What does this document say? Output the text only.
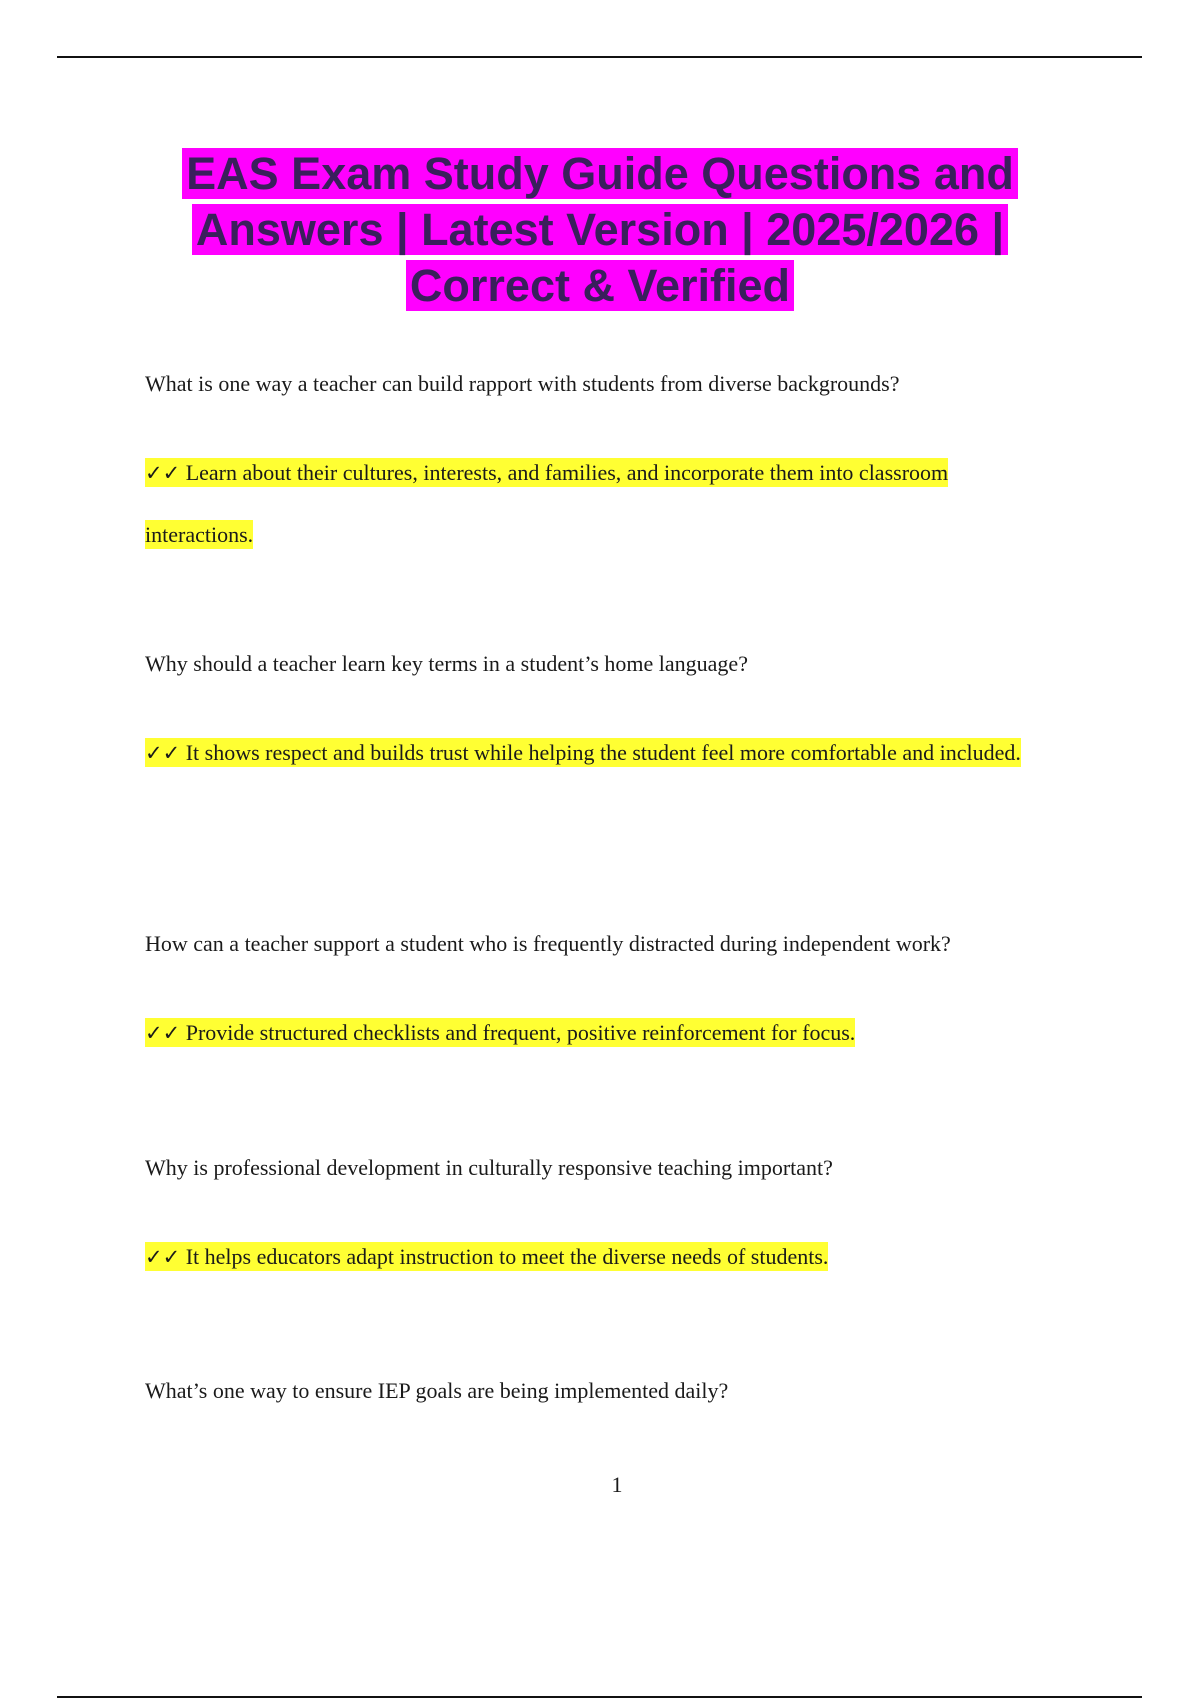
EAS Exam Study Guide Questions and Answers | Latest Version | 2025/2026 | Correct & Verified

What is one way a teacher can build rapport with students from diverse backgrounds?

✓✓ Learn about their cultures, interests, and families, and incorporate them into classroom interactions.

Why should a teacher learn key terms in a student’s home language?

✓✓ It shows respect and builds trust while helping the student feel more comfortable and included.

How can a teacher support a student who is frequently distracted during independent work?

✓✓ Provide structured checklists and frequent, positive reinforcement for focus.

Why is professional development in culturally responsive teaching important?

✓✓ It helps educators adapt instruction to meet the diverse needs of students.

What’s one way to ensure IEP goals are being implemented daily?

1
